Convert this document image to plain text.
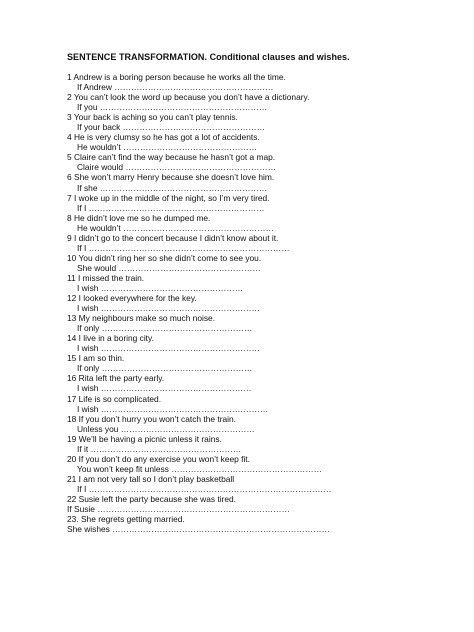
SENTENCE TRANSFORMATION. Conditional clauses and wishes.
1 Andrew is a boring person because he works all the time.
If Andrew …………………………………………………
2 You can’t look the word up because you don’t have a dictionary.
If you ……………………………………………………
3 Your back is aching so you can’t play tennis.
If your back ……………………………………………
4 He is very clumsy so he has got a lot of accidents.
He wouldn’t …………………………………………
5 Claire can’t find the way because he hasn’t got a map.
Claire would ………………………………………………
6 She won’t marry Henry because she doesn’t love him.
If she ……………………………………………………
7 I woke up in the middle of the night, so I’m very tired.
If I ………………………………………………………
8 He didn’t love me so he dumped me.
He wouldn’t ………………………………………………
9 I didn’t go to the concert because I didn’t know about it.
If I ………………………………………………………………
10 You didn’t ring her so she didn’t come to see you.
She would ……………………………………………
11 I missed the train.
I wish ……………………………………………
12 I looked everywhere for the key.
I wish …………………………………………………
13 My neighbours make so much noise.
If only ………………………………………………
14 I live in a boring city.
I wish …………………………………………………
15 I am so thin.
If only ………………………………………………
16 Rita left the party early.
I wish ………………………………………………
17 Life is so complicated.
I wish ……………………………………………………
18 If you don’t hurry you won’t catch the train.
Unless you …………………………………………
19 We’ll be having a picnic unless it rains.
If it ………………………………………………
20 If you don’t do any exercise you won’t keep fit.
You won’t keep fit unless ………………………………………………
21 I am not very tall so I don’t play basketball
If I ……………………………………………………………………………
22 Susie left the party because she was tired.
If Susie ……………………………………………………………
23. She regrets getting married.
She wishes ……………………………………………………………………
